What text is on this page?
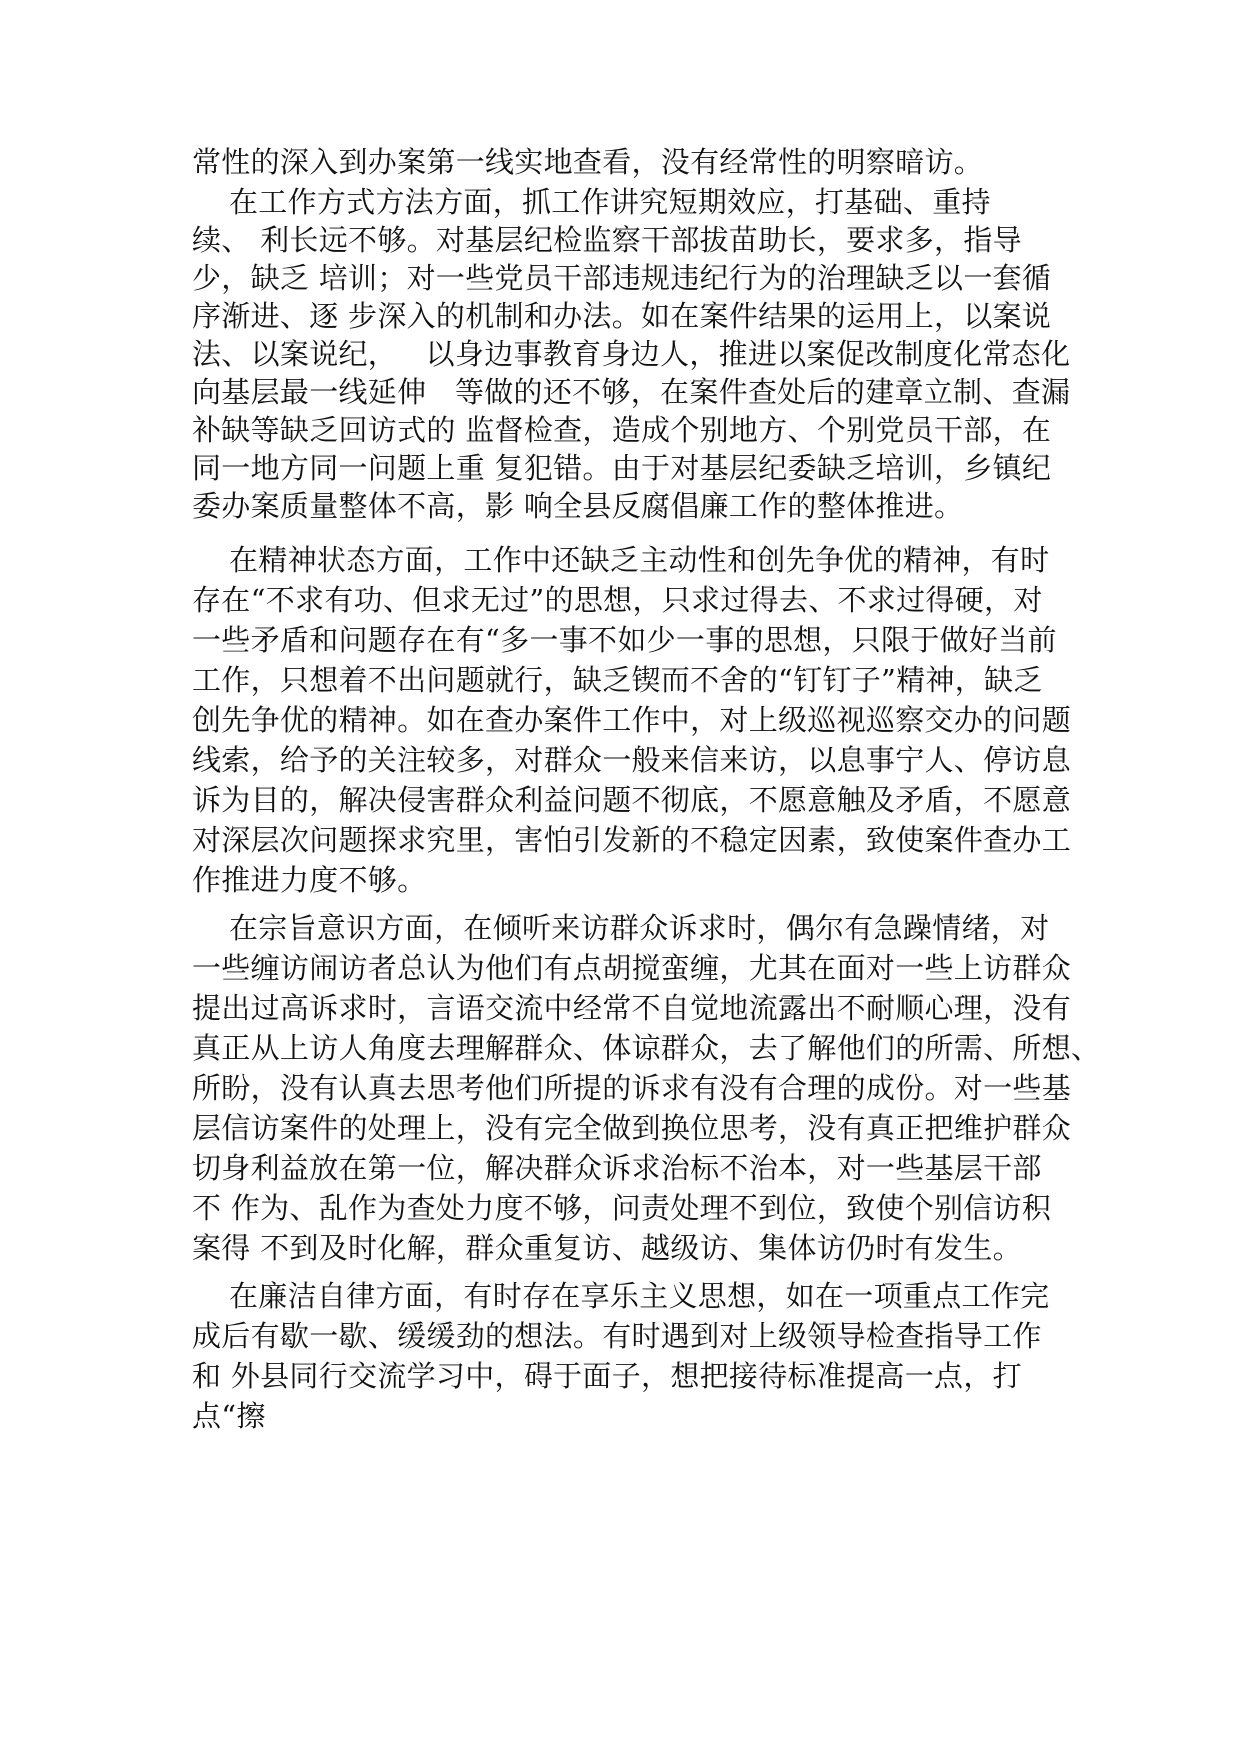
常性的深入到办案第一线实地查看，没有经常性的明察暗访。
在工作方式方法方面，抓工作讲究短期效应，打基础、重持
续、 利长远不够。对基层纪检监察干部拔苗助长，要求多，指导
少，缺乏 培训；对一些党员干部违规违纪行为的治理缺乏以一套循
序渐进、逐 步深入的机制和办法。如在案件结果的运用上，以案说
法、以案说纪，   以身边事教育身边人，推进以案促改制度化常态化
向基层最一线延伸   等做的还不够，在案件查处后的建章立制、查漏
补缺等缺乏回访式的 监督检查，造成个别地方、个别党员干部，在
同一地方同一问题上重 复犯错。由于对基层纪委缺乏培训，乡镇纪
委办案质量整体不高，影 响全县反腐倡廉工作的整体推进。
在精神状态方面，工作中还缺乏主动性和创先争优的精神，有时
存在“不求有功、但求无过”的思想，只求过得去、不求过得硬，对
一些矛盾和问题存在有“多一事不如少一事的思想，只限于做好当前
工作，只想着不出问题就行，缺乏锲而不舍的“钉钉子”精神，缺乏
创先争优的精神。如在查办案件工作中，对上级巡视巡察交办的问题
线索，给予的关注较多，对群众一般来信来访，以息事宁人、停访息
诉为目的，解决侵害群众利益问题不彻底，不愿意触及矛盾，不愿意
对深层次问题探求究里，害怕引发新的不稳定因素，致使案件查办工
作推进力度不够。
在宗旨意识方面，在倾听来访群众诉求时，偶尔有急躁情绪，对
一些缠访闹访者总认为他们有点胡搅蛮缠，尤其在面对一些上访群众
提出过高诉求时，言语交流中经常不自觉地流露出不耐顺心理，没有
真正从上访人角度去理解群众、体谅群众，去了解他们的所需、所想、
所盼，没有认真去思考他们所提的诉求有没有合理的成份。对一些基
层信访案件的处理上，没有完全做到换位思考，没有真正把维护群众
切身利益放在第一位，解决群众诉求治标不治本，对一些基层干部
不 作为、乱作为查处力度不够，问责处理不到位，致使个别信访积
案得 不到及时化解，群众重复访、越级访、集体访仍时有发生。
在廉洁自律方面，有时存在享乐主义思想，如在一项重点工作完
成后有歇一歇、缓缓劲的想法。有时遇到对上级领导检查指导工作
和 外县同行交流学习中，碍于面子，想把接待标准提高一点，打
点“擦
